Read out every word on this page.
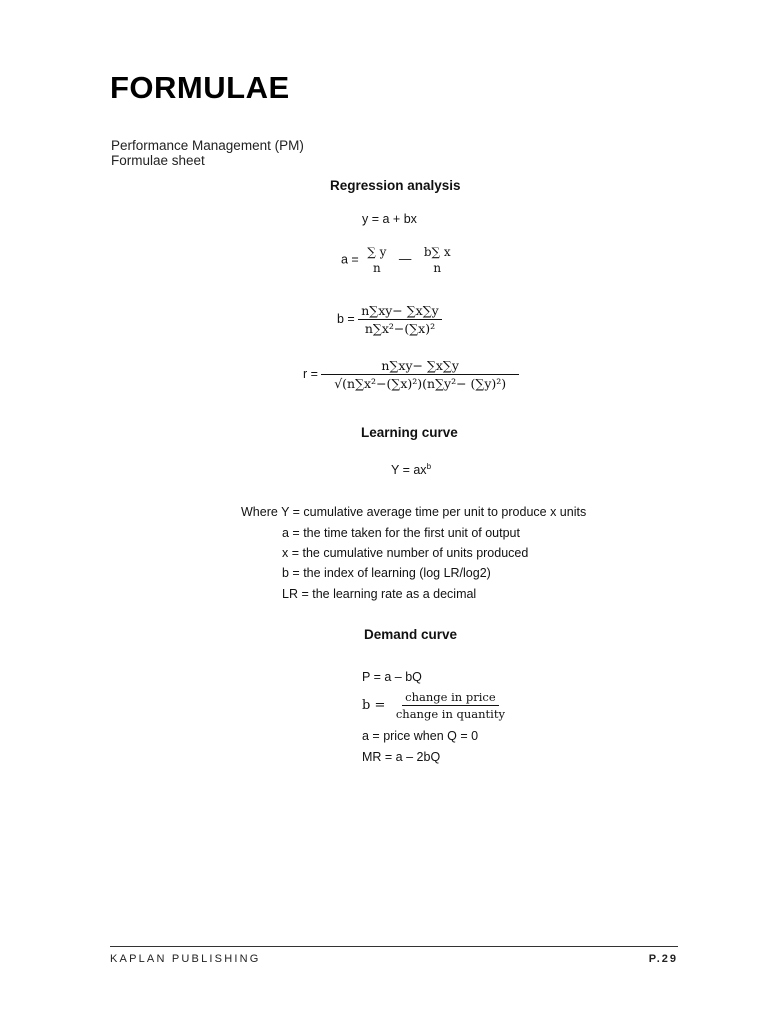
FORMULAE
Performance Management (PM)
Formulae sheet
Regression analysis
y = a + bx
a =
∑ y
n
—
b∑ x
n
$b = \frac{n\sum xy- \sum x\sum y}{\text{n∑x²−(∑x)²}}$
$r = \frac{n\sum xy- \sum x\sum y}{\text{√(n∑x²−(∑x)²)(n∑y²− (∑y)²)}}$
Learning curve
$Y = ax^b$
Where Y = cumulative average time per unit to produce x units
a = the time taken for the first unit of output
x = the cumulative number of units produced
b = the index of learning (log LR/log2)
LR = the learning rate as a decimal
Demand curve
P = a – bQ
$b = \frac{\text{change in price}}{\text{change in quantity}}$
a = price when Q = 0
MR = a – 2bQ
KAPLAN PUBLISHING	P.29
